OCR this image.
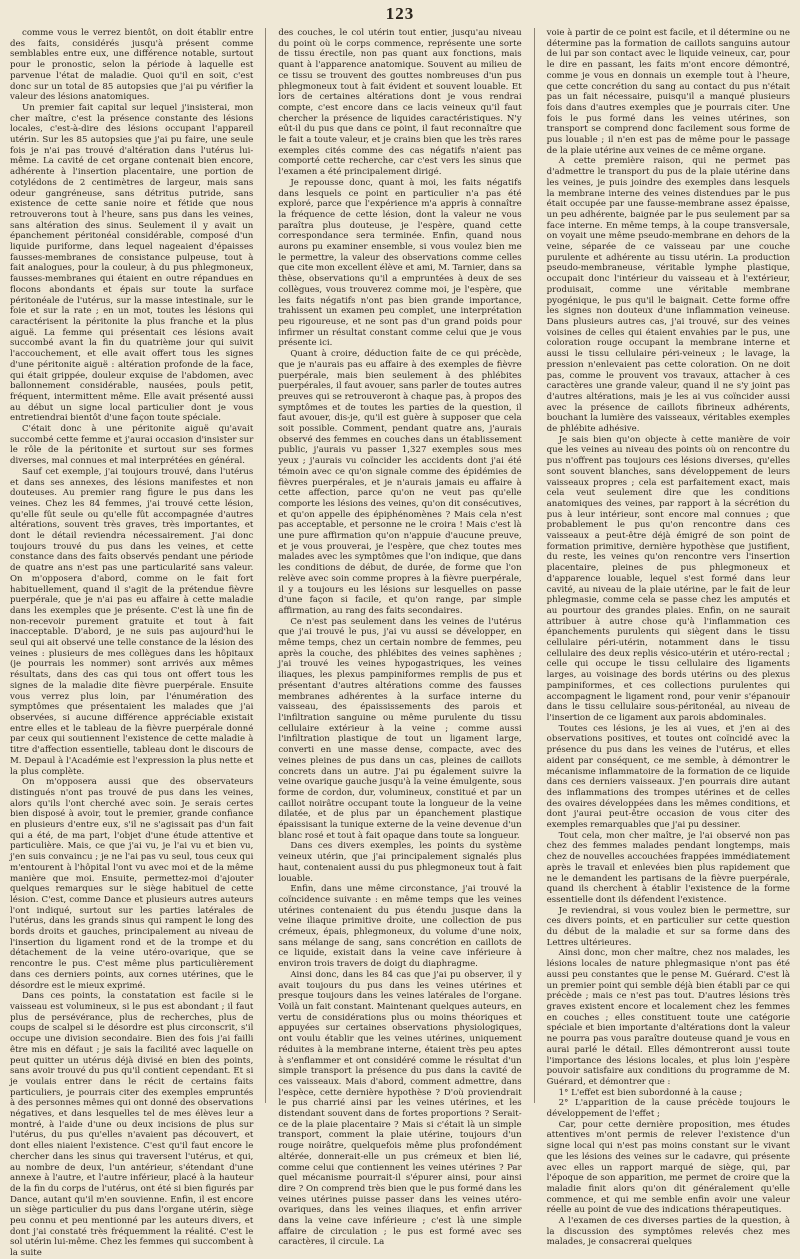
123

comme vous le verrez bientôt, on doit établir entre des faits, considérés jusqu'à présent comme semblables entre eux, une différence notable, surtout pour le pronostic, selon la période à laquelle est parvenue l'état de maladie. Quoi qu'il en soit, c'est donc sur un total de 85 autopsies que j'ai pu vérifier la valeur des lésions anatomiques.

Un premier fait capital sur lequel j'insisterai, mon cher maître, c'est la présence constante des lésions locales, c'est-à-dire des lésions occupant l'appareil utérin. Sur les 85 autopsies que j'ai pu faire, une seule fois je n'ai pas trouvé d'altération dans l'utérus lui-même. La cavité de cet organe contenait bien encore, adhérente à l'insertion placentaire, une portion de cotylédons de 2 centimètres de largeur, mais sans odeur gangréneuse, sans détritus putride, sans existence de cette sanie noire et fétide que nous retrouverons tout à l'heure, sans pus dans les veines, sans altération des sinus. Seulement il y avait un épanchement péritonéal considérable, composé d'un liquide puriforme, dans lequel nageaient d'épaisses fausses-membranes de consistance pulpeuse, tout à fait analogues, pour la couleur, à du pus phlegmoneux, fausses-membranes qui étaient en outre répandues en flocons abondants et épais sur toute la surface péritonéale de l'utérus, sur la masse intestinale, sur le foie et sur la rate ; en un mot, toutes les lésions qui caractérisent la péritonite la plus franche et la plus aiguë. La femme qui présentait ces lésions avait succombé avant la fin du quatrième jour qui suivit l'accouchement, et elle avait offert tous les signes d'une péritonite aiguë : altération profonde de la face, qui était grippée, douleur exquise de l'abdomen, avec ballonnement considérable, nausées, pouls petit, fréquent, intermittent même. Elle avait présenté aussi au début un signe local particulier dont je vous entretiendrai bientôt d'une façon toute spéciale.

C'était donc à une péritonite aiguë qu'avait succombé cette femme et j'aurai occasion d'insister sur le rôle de la péritonite et surtout sur ses formes diverses, mal connues et mal interprétées en général.

Sauf cet exemple, j'ai toujours trouvé, dans l'utérus et dans ses annexes, des lésions manifestes et non douteuses. Au premier rang figure le pus dans les veines. Chez les 84 femmes, j'ai trouvé cette lésion, qu'elle fût seule ou qu'elle fût accompagnée d'autres altérations, souvent très graves, très importantes, et dont le détail reviendra nécessairement. J'ai donc toujours trouvé du pus dans les veines, et cette constance dans des faits observés pendant une période de quatre ans n'est pas une particularité sans valeur. On m'opposera d'abord, comme on le fait fort habituellement, quand il s'agit de la prétendue fièvre puerpérale, que je n'ai pas eu affaire à cette maladie dans les exemples que je présente. C'est là une fin de non-recevoir purement gratuite et tout à fait inacceptable. D'abord, je ne suis pas aujourd'hui le seul qui ait observé une telle constance de la lésion des veines : plusieurs de mes collègues dans les hôpitaux (je pourrais les nommer) sont arrivés aux mêmes résultats, dans des cas qui tous ont offert tous les signes de la maladie dite fièvre puerpérale. Ensuite vous verrez plus loin, par l'énumération des symptômes que présentaient les malades que j'ai observées, si aucune différence appréciable existait entre elles et le tableau de la fièvre puerpérale donné par ceux qui soutiennent l'existence de cette maladie à titre d'affection essentielle, tableau dont le discours de M. Depaul à l'Académie est l'expression la plus nette et la plus complète.

On m'opposera aussi que des observateurs distingués n'ont pas trouvé de pus dans les veines, alors qu'ils l'ont cherché avec soin. Je serais certes bien disposé à avoir, tout le premier, grande confiance en plusieurs d'entre eux, s'il ne s'agissait pas d'un fait qui a été, de ma part, l'objet d'une étude attentive et particulière. Mais, ce que j'ai vu, je l'ai vu et bien vu, j'en suis convaincu ; je ne l'ai pas vu seul, tous ceux qui m'entourent à l'hôpital l'ont vu avec moi et de la même manière que moi. Ensuite, permettez-moi d'ajouter quelques remarques sur le siège habituel de cette lésion. C'est, comme Dance et plusieurs autres auteurs l'ont indiqué, surtout sur les parties latérales de l'utérus, dans les grands sinus qui rampent le long des bords droits et gauches, principalement au niveau de l'insertion du ligament rond et de la trompe et du détachement de la veine utéro-ovarique, que se rencontre le pus. C'est même plus particulièrement dans ces derniers points, aux cornes utérines, que le désordre est le mieux exprimé.

Dans ces points, la constatation est facile si le vaisseau est volumineux, si le pus est abondant ; il faut plus de persévérance, plus de recherches, plus de coups de scalpel si le désordre est plus circonscrit, s'il occupe une division secondaire. Bien des fois j'ai failli être mis en défaut ; je sais la facilité avec laquelle on peut quitter un utérus déjà divisé en bien des points, sans avoir trouvé du pus qu'il contient cependant. Et si je voulais entrer dans le récit de certains faits particuliers, je pourrais citer des exemples empruntés à des personnes mêmes qui ont donné des observations négatives, et dans lesquelles tel de mes élèves leur a montré, à l'aide d'une ou deux incisions de plus sur l'utérus, du pus qu'elles n'avaient pas découvert, et dont elles niaient l'existence. C'est qu'il faut encore le chercher dans les sinus qui traversent l'utérus, et qui, au nombre de deux, l'un antérieur, s'étendant d'une annexe à l'autre, et l'autre inférieur, placé à la hauteur de la fin du corps de l'utérus, ont été si bien figurés par Dance, autant qu'il m'en souvienne. Enfin, il est encore un siège particulier du pus dans l'organe utérin, siège peu connu et peu mentionné par les auteurs divers, et dont j'ai constaté très fréquemment la réalité. C'est le sol utérin lui-même. Chez les femmes qui succombent à la suite

des couches, le col utérin tout entier, jusqu'au niveau du point où le corps commence, représente une sorte de tissu érectile, non pas quant aux fonctions, mais quant à l'apparence anatomique. Souvent au milieu de ce tissu se trouvent des gouttes nombreuses d'un pus phlegmoneux tout à fait évident et souvent louable. Et lors de certaines altérations dont je vous rendrai compte, c'est encore dans ce lacis veineux qu'il faut chercher la présence de liquides caractéristiques. N'y eût-il du pus que dans ce point, il faut reconnaître que le fait a toute valeur, et je crains bien que les très rares exemples cités comme des cas négatifs n'aient pas comporté cette recherche, car c'est vers les sinus que l'examen a été principalement dirigé.

Je repousse donc, quant à moi, les faits négatifs dans lesquels ce point en particulier n'a pas été exploré, parce que l'expérience m'a appris à connaître la fréquence de cette lésion, dont la valeur ne vous paraîtra plus douteuse, je l'espère, quand cette correspondance sera terminée. Enfin, quand nous aurons pu examiner ensemble, si vous voulez bien me le permettre, la valeur des observations comme celles que cite mon excellent élève et ami, M. Tarnier, dans sa thèse, observations qu'il a empruntées à deux de ses collègues, vous trouverez comme moi, je l'espère, que les faits négatifs n'ont pas bien grande importance, trahissent un examen peu complet, une interprétation peu rigoureuse, et ne sont pas d'un grand poids pour infirmer un résultat constant comme celui que je vous présente ici.

Quant à croire, déduction faite de ce qui précède, que je n'aurais pas eu affaire à des exemples de fièvre puerpérale, mais bien seulement à des phlébites puerpérales, il faut avouer, sans parler de toutes autres preuves qui se retrouveront à chaque pas, à propos des symptômes et de toutes les parties de la question, il faut avouer, dis-je, qu'il est guère à supposer que cela soit possible. Comment, pendant quatre ans, j'aurais observé des femmes en couches dans un établissement public, j'aurais vu passer 1,327 exemples sous mes yeux ; j'aurais vu coïncider les accidents dont j'ai été témoin avec ce qu'on signale comme des épidémies de fièvres puerpérales, et je n'aurais jamais eu affaire à cette affection, parce qu'on ne veut pas qu'elle comporte les lésions des veines, qu'on dit consécutives, et qu'on appelle des épiphénomènes ? Mais cela n'est pas acceptable, et personne ne le croira ! Mais c'est là une pure affirmation qu'on n'appuie d'aucune preuve, et je vous prouverai, je l'espère, que chez toutes mes malades avec les symptômes que l'on indique, que dans les conditions de début, de durée, de forme que l'on relève avec soin comme propres à la fièvre puerpérale, il y a toujours eu les lésions sur lesquelles on passe d'une façon si facile, et qu'on range, par simple affirmation, au rang des faits secondaires.

Ce n'est pas seulement dans les veines de l'utérus que j'ai trouvé le pus, j'ai vu aussi se développer, en même temps, chez un certain nombre de femmes, peu après la couche, des phlébites des veines saphènes ; j'ai trouvé les veines hypogastriques, les veines iliaques, les plexus pampiniformes remplis de pus et présentant d'autres altérations comme des fausses membranes adhérentes à la surface interne du vaisseau, des épaississements des parois et l'infiltration sanguine ou même purulente du tissu cellulaire extérieur à la veine ; comme aussi l'infiltration plastique de tout un ligament large, converti en une masse dense, compacte, avec des veines pleines de pus dans un cas, pleines de caillots concrets dans un autre. J'ai pu également suivre la veine ovarique gauche jusqu'à la veine émulgente, sous forme de cordon, dur, volumineux, constitué et par un caillot noirâtre occupant toute la longueur de la veine dilatée, et de plus par un épanchement plastique épaissisant la tunique externe de la veine devenue d'un blanc rosé et tout à fait opaque dans toute sa longueur.

Dans ces divers exemples, les points du système veineux utérin, que j'ai principalement signalés plus haut, contenaient aussi du pus phlegmoneux tout à fait louable.

Enfin, dans une même circonstance, j'ai trouvé la coïncidence suivante : en même temps que les veines utérines contenaient du pus étendu jusque dans la veine iliaque primitive droite, une collection de pus crémeux, épais, phlegmoneux, du volume d'une noix, sans mélange de sang, sans concrétion en caillots de ce liquide, existait dans la veine cave inférieure à environ trois travers de doigt du diaphragme.

Ainsi donc, dans les 84 cas que j'ai pu observer, il y avait toujours du pus dans les veines utérines et presque toujours dans les veines latérales de l'organe. Voilà un fait constant. Maintenant quelques auteurs, en vertu de considérations plus ou moins théoriques et appuyées sur certaines observations physiologiques, ont voulu établir que les veines utérines, uniquement réduites à la membrane interne, étaient très peu aptes à s'enflammer et ont considéré comme le résultat d'un simple transport la présence du pus dans la cavité de ces vaisseaux. Mais d'abord, comment admettre, dans l'espèce, cette dernière hypothèse ? D'où proviendrait le pus charrié ainsi par les veines utérines, et les distendant souvent dans de fortes proportions ? Serait-ce de la plaie placentaire ? Mais si c'était là un simple transport, comment la plaie utérine, toujours d'un rouge noirâtre, quelquefois même plus profondément altérée, donnerait-elle un pus crémeux et bien lié, comme celui que contiennent les veines utérines ? Par quel mécanisme pourrait-il s'épurer ainsi, pour ainsi dire ? On comprend très bien que le pus formé dans les veines utérines puisse passer dans les veines utéro-ovariques, dans les veines iliaques, et enfin arriver dans la veine cave inférieure ; c'est là une simple affaire de circulation ; le pus est formé avec ses caractères, il circule. La

voie à partir de ce point est facile, et il détermine ou ne détermine pas la formation de caillots sanguins autour de lui par son contact avec le liquide veineux, car, pour le dire en passant, les faits m'ont encore démontré, comme je vous en donnais un exemple tout à l'heure, que cette concrétion du sang au contact du pus n'était pas un fait nécessaire, puisqu'il a manqué plusieurs fois dans d'autres exemples que je pourrais citer. Une fois le pus formé dans les veines utérines, son transport se comprend donc facilement sous forme de pus louable ; il n'en est pas de même pour le passage de la plaie utérine aux veines de ce même organe.

A cette première raison, qui ne permet pas d'admettre le transport du pus de la plaie utérine dans les veines, je puis joindre des exemples dans lesquels la membrane interne des veines distendues par le pus était occupée par une fausse-membrane assez épaisse, un peu adhérente, baignée par le pus seulement par sa face interne. En même temps, à la coupe transversale, on voyait une même pseudo-membrane en dehors de la veine, séparée de ce vaisseau par une couche purulente et adhérente au tissu utérin. La production pseudo-membraneuse, véritable lymphe plastique, occupait donc l'intérieur du vaisseau et à l'extérieur, produisait, comme une véritable membrane pyogénique, le pus qu'il le baignait. Cette forme offre les signes non douteux d'une inflammation veineuse. Dans plusieurs autres cas, j'ai trouvé, sur des veines voisines de celles qui étaient envahies par le pus, une coloration rouge occupant la membrane interne et aussi le tissu cellulaire péri-veineux ; le lavage, la pression n'enlevaient pas cette coloration. On ne doit pas, comme le prouvent vos travaux, attacher à ces caractères une grande valeur, quand il ne s'y joint pas d'autres altérations, mais je les ai vus coïncider aussi avec la présence de caillots fibrineux adhérents, bouchant la lumière des vaisseaux, véritables exemples de phlébite adhésive.

Je sais bien qu'on objecte à cette manière de voir que les veines au niveau des points où on rencontre du pus n'offrent pas toujours ces lésions diverses, qu'elles sont souvent blanches, sans développement de leurs vaisseaux propres ; cela est parfaitement exact, mais cela veut seulement dire que les conditions anatomiques des veines, par rapport à la sécrétion du pus à leur intérieur, sont encore mal connues ; que probablement le pus qu'on rencontre dans ces vaisseaux a peut-être déjà émigré de son point de formation primitive, dernière hypothèse que justifient, du reste, les veines qu'on rencontre vers l'insertion placentaire, pleines de pus phlegmoneux et d'apparence louable, lequel s'est formé dans leur cavité, au niveau de la plaie utérine, par le fait de leur phlegmasie, comme cela se passe chez les amputés et au pourtour des grandes plaies. Enfin, on ne saurait attribuer à autre chose qu'à l'inflammation ces épanchements purulents qui siègent dans le tissu cellulaire péri-utérin, notamment dans le tissu cellulaire des deux replis vésico-utérin et utéro-rectal ; celle qui occupe le tissu cellulaire des ligaments larges, au voisinage des bords utérins ou des plexus pampiniformes, et ces collections purulentes qui accompagnent le ligament rond, pour venir s'épanouir dans le tissu cellulaire sous-péritonéal, au niveau de l'insertion de ce ligament aux parois abdominales.

Toutes ces lésions, je les ai vues, et j'en ai des observations positives, et toutes ont coïncidé avec la présence du pus dans les veines de l'utérus, et elles aident par conséquent, ce me semble, à démontrer le mécanisme inflammatoire de la formation de ce liquide dans ces derniers vaisseaux. J'en pourrais dire autant des inflammations des trompes utérines et de celles des ovaires développées dans les mêmes conditions, et dont j'aurai peut-être occasion de vous citer des exemples remarquables que j'ai pu dessiner.

Tout cela, mon cher maître, je l'ai observé non pas chez des femmes malades pendant longtemps, mais chez de nouvelles accouchées frappées immédiatement après le travail et enlevées bien plus rapidement que ne le demandent les partisans de la fièvre puerpérale, quand ils cherchent à établir l'existence de la forme essentielle dont ils défendent l'existence.

Je reviendrai, si vous voulez bien le permettre, sur ces divers points, et en particulier sur cette question du début de la maladie et sur sa forme dans des Lettres ultérieures.

Ainsi donc, mon cher maître, chez nos malades, les lésions locales de nature phlegmasique n'ont pas été aussi peu constantes que le pense M. Guérard. C'est là un premier point qui semble déjà bien établi par ce qui précède ; mais ce n'est pas tout. D'autres lésions très graves existent encore et localement chez les femmes en couches ; elles constituent toute une catégorie spéciale et bien importante d'altérations dont la valeur ne pourra pas vous paraître douteuse quand je vous en aurai parlé le détail. Elles démontreront aussi toute l'importance des lésions locales, et plus loin j'espère pouvoir satisfaire aux conditions du programme de M. Guérard, et démontrer que :

1° L'effet est bien subordonné à la cause ;

2° L'apparition de la cause précède toujours le développement de l'effet ;

Car, pour cette dernière proposition, mes études attentives m'ont permis de relever l'existence d'un signe local qui n'est pas moins constant sur le vivant que les lésions des veines sur le cadavre, qui présente avec elles un rapport marqué de siège, qui, par l'époque de son apparition, me permet de croire que la maladie finit alors qu'on dit généralement qu'elle commence, et qui me semble enfin avoir une valeur réelle au point de vue des indications thérapeutiques.

A l'examen de ces diverses parties de la question, à la discussion des symptômes relevés chez mes malades, je consacrerai quelques
